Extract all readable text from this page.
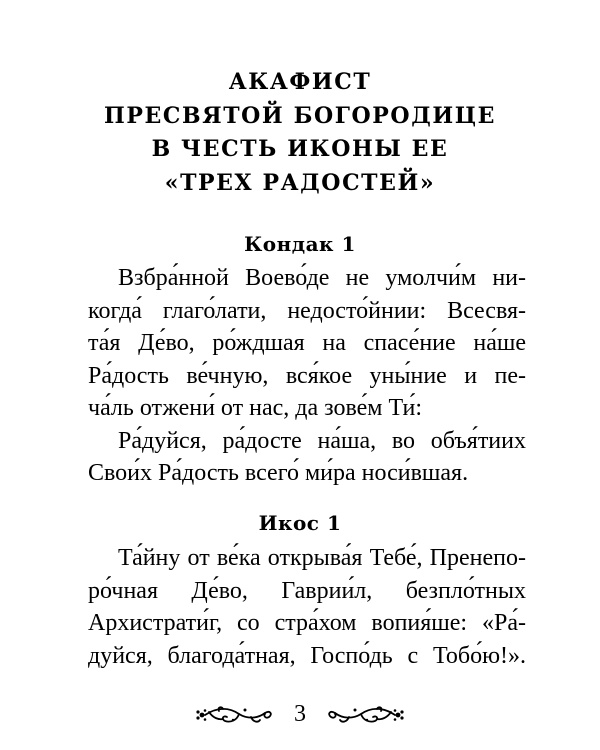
АКАФИСТ
ПРЕСВЯТОЙ БОГОРОДИЦЕ
В ЧЕСТЬ ИКОНЫ ЕЕ
«ТРЕХ РАДОСТЕЙ»
Кондак 1
Взбра́нной Воево́де не умолчи́м ни-
когда́ глаго́лати, недосто́йнии: Всесвя-
та́я Де́во, ро́ждшая на спасе́ние на́ше
Ра́дость ве́чную, вся́кое уны́ние и пе-
ча́ль отжени́ от нас, да зове́м Ти́:
Ра́дуйся, ра́досте на́ша, во объя́тиих
Свои́х Ра́дость всего́ ми́ра носи́вшая.
Икос 1
Та́йну от ве́ка открыва́я Тебе́, Пренепо-
ро́чная Де́во, Гаврии́л, безпло́тных
Архистрати́г, со стра́хом вопия́ше: «Ра́-
дуйся, благода́тная, Госпо́дь с Тобо́ю!».
3
